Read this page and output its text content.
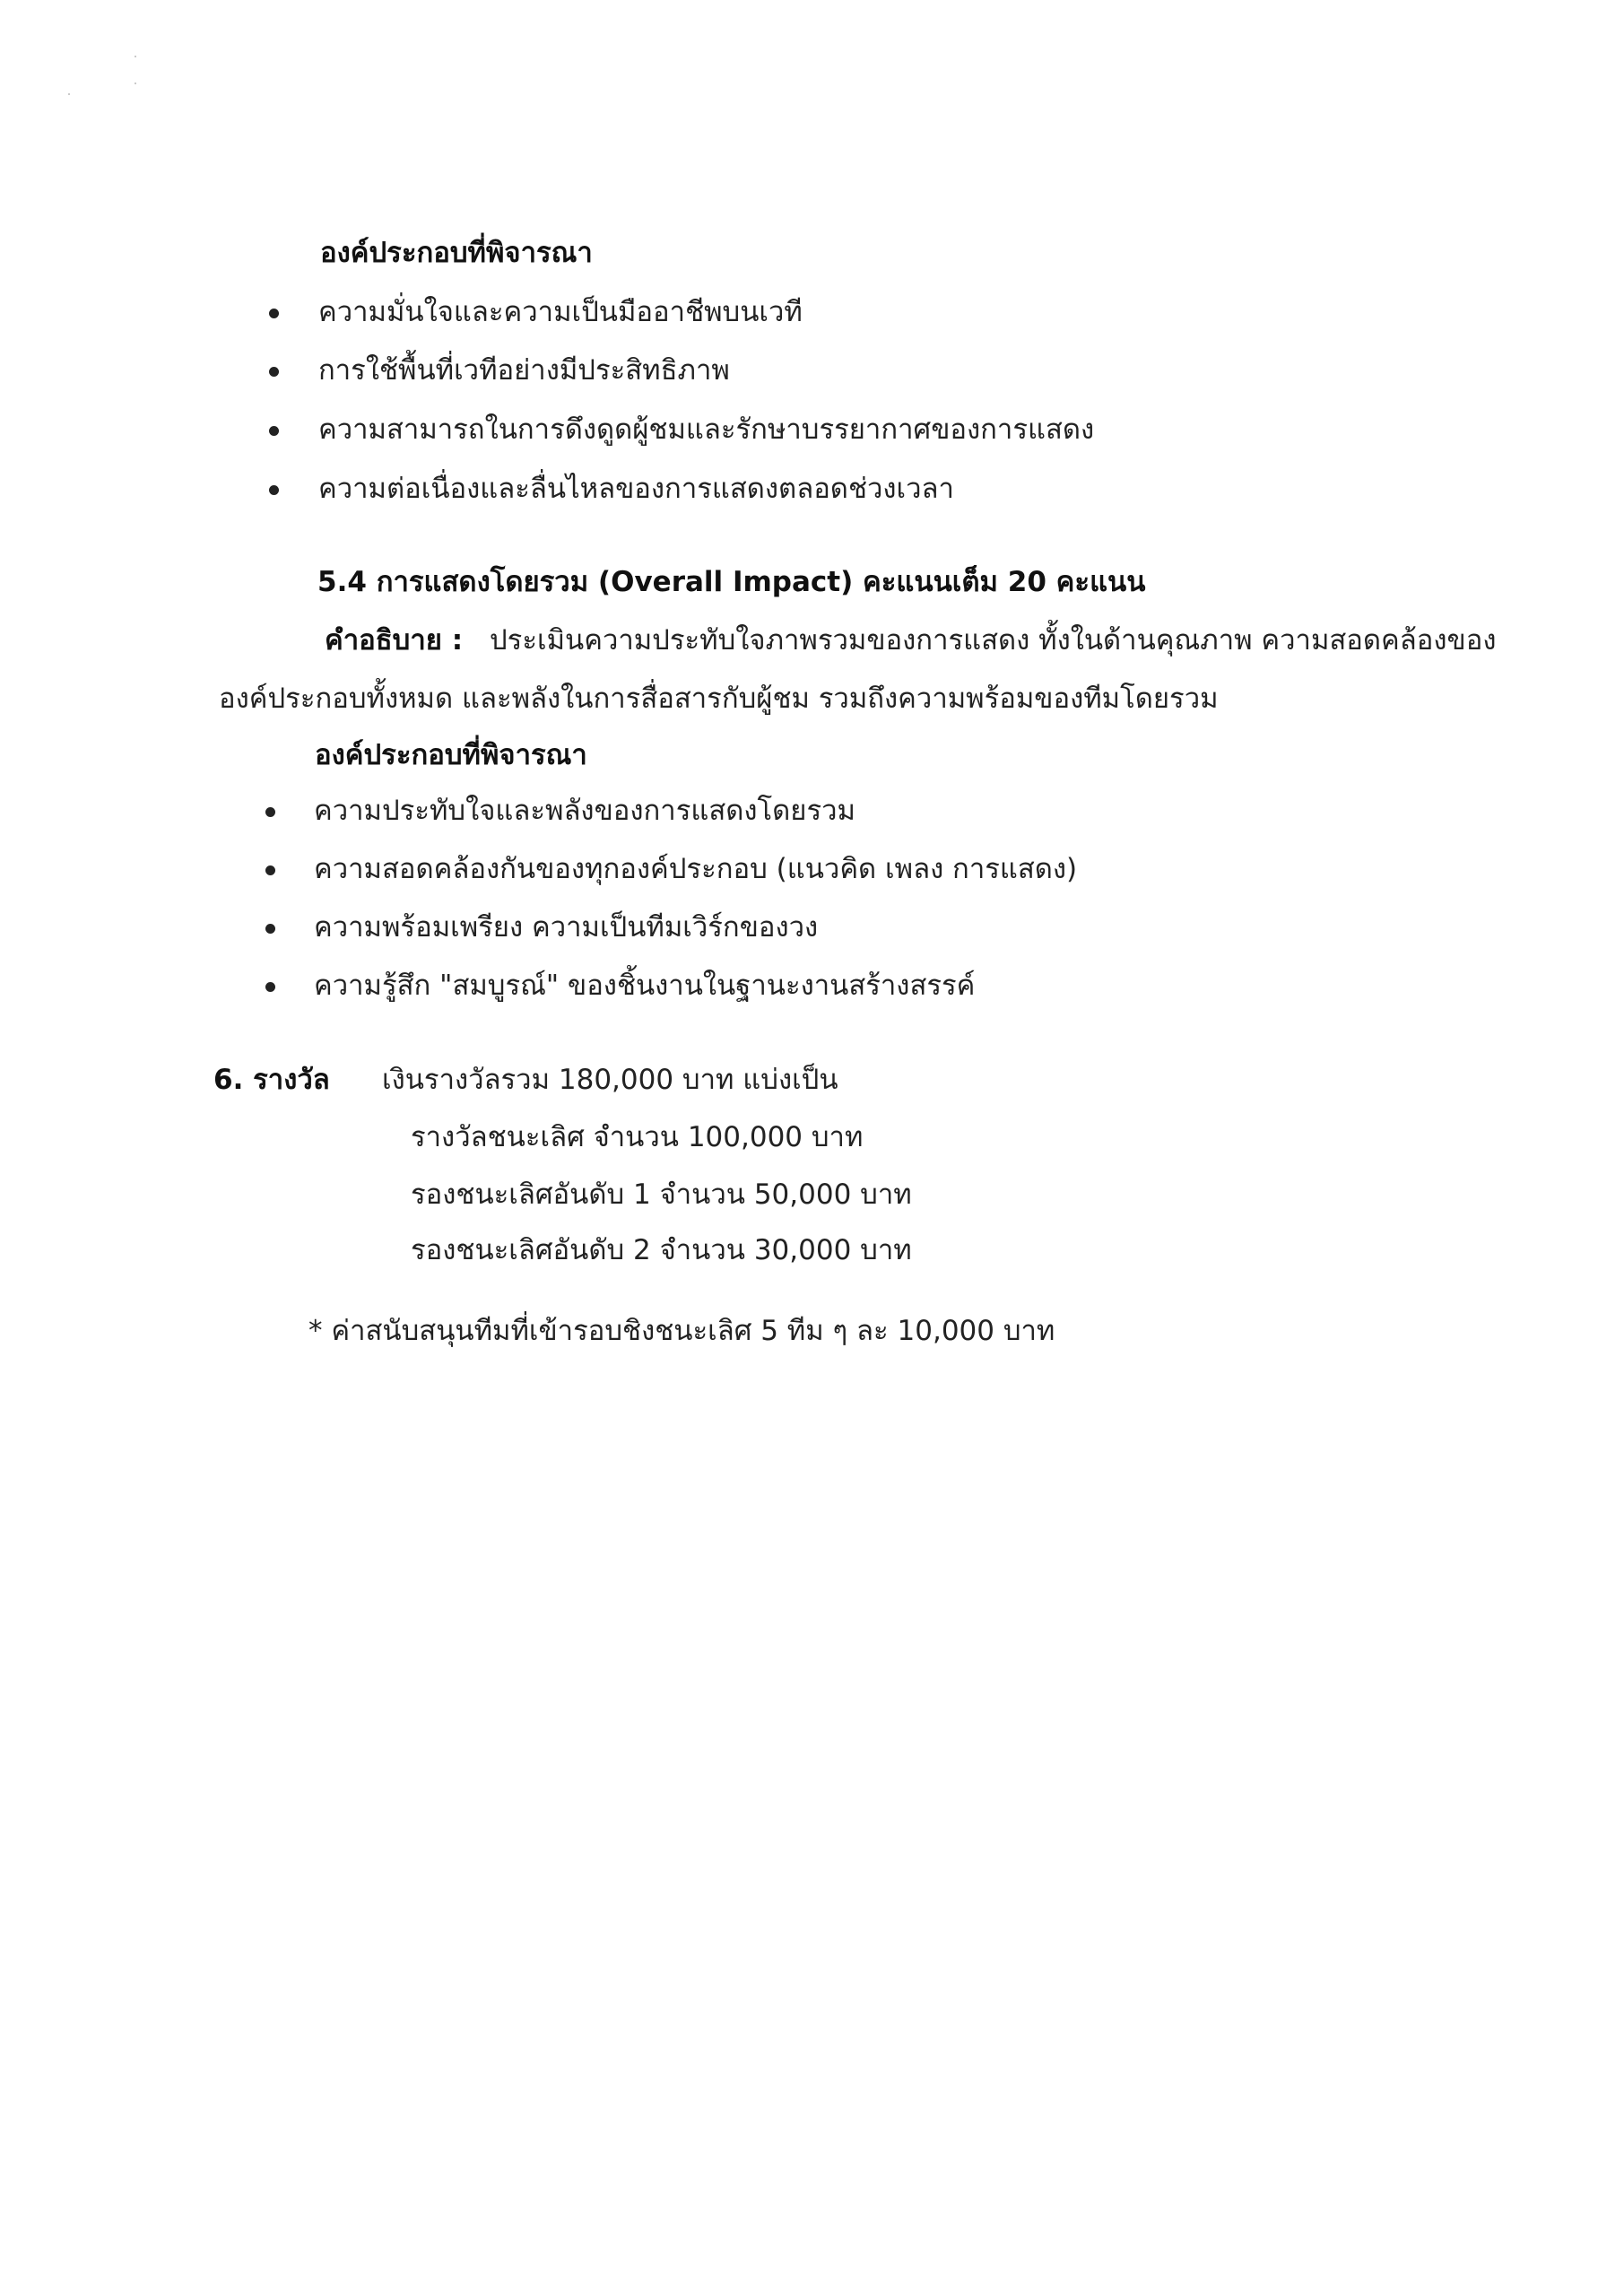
องค์ประกอบที่พิจารณา
ความมั่นใจและความเป็นมืออาชีพบนเวที
การใช้พื้นที่เวทีอย่างมีประสิทธิภาพ
ความสามารถในการดึงดูดผู้ชมและรักษาบรรยากาศของการแสดง
ความต่อเนื่องและลื่นไหลของการแสดงตลอดช่วงเวลา
5.4 การแสดงโดยรวม (Overall Impact) คะแนนเต็ม 20 คะแนน
คำอธิบาย : ประเมินความประทับใจภาพรวมของการแสดง ทั้งในด้านคุณภาพ ความสอดคล้องของ
องค์ประกอบทั้งหมด และพลังในการสื่อสารกับผู้ชม รวมถึงความพร้อมของทีมโดยรวม
องค์ประกอบที่พิจารณา
ความประทับใจและพลังของการแสดงโดยรวม
ความสอดคล้องกันของทุกองค์ประกอบ (แนวคิด เพลง การแสดง)
ความพร้อมเพรียง ความเป็นทีมเวิร์กของวง
ความรู้สึก "สมบูรณ์" ของชิ้นงานในฐานะงานสร้างสรรค์
6. รางวัล เงินรางวัลรวม 180,000 บาท แบ่งเป็น
รางวัลชนะเลิศ จำนวน 100,000 บาท
รองชนะเลิศอันดับ 1 จำนวน 50,000 บาท
รองชนะเลิศอันดับ 2 จำนวน 30,000 บาท
* ค่าสนับสนุนทีมที่เข้ารอบชิงชนะเลิศ 5 ทีม ๆ ละ 10,000 บาท
